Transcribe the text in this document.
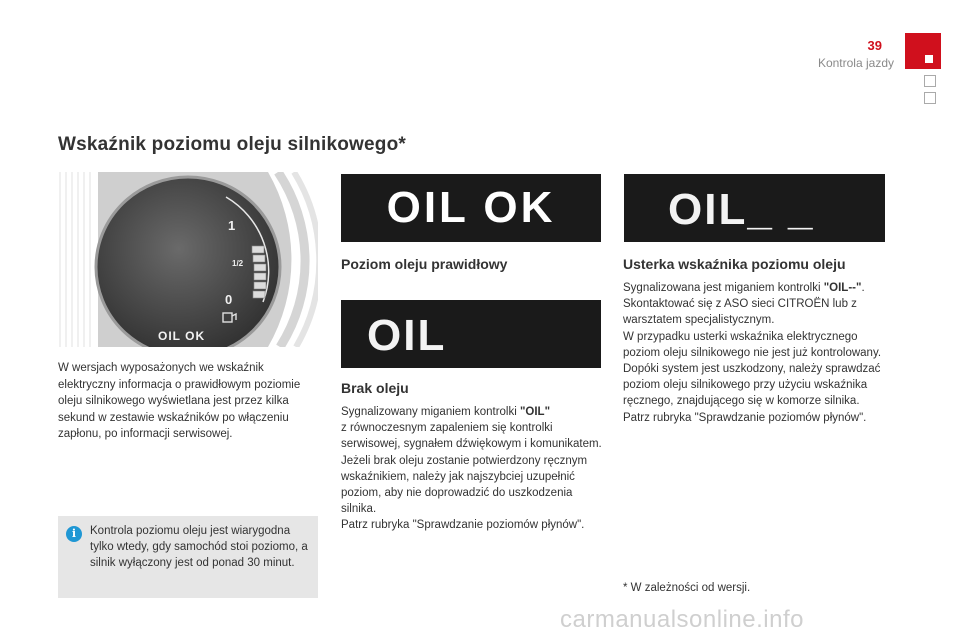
39
Kontrola jazdy
Wskaźnik poziomu oleju silnikowego*
1
1/2
0
OIL OK
W wersjach wyposażonych we wskaźnik elektryczny informacja o prawidłowym poziomie oleju silnikowego wyświetlana jest przez kilka sekund w zestawie wskaźników po włączeniu zapłonu, po informacji serwisowej.
i	Kontrola poziomu oleju jest wiarygodna tylko wtedy, gdy samochód stoi poziomo, a silnik wyłączony jest od ponad 30 minut.
OIL OK
Poziom oleju prawidłowy
OIL
Brak oleju
Sygnalizowany miganiem kontrolki "OIL"
z równoczesnym zapaleniem się kontrolki serwisowej, sygnałem dźwiękowym i komunikatem.
Jeżeli brak oleju zostanie potwierdzony ręcznym wskaźnikiem, należy jak najszybciej uzupełnić poziom, aby nie doprowadzić do uszkodzenia silnika.
Patrz rubryka "Sprawdzanie poziomów płynów".
OIL_ _
Usterka wskaźnika poziomu oleju
Sygnalizowana jest miganiem kontrolki "OIL--".
Skontaktować się z ASO sieci CITROËN lub z warsztatem specjalistycznym.
W przypadku usterki wskaźnika elektrycznego poziom oleju silnikowego nie jest już kontrolowany.
Dopóki system jest uszkodzony, należy sprawdzać poziom oleju silnikowego przy użyciu wskaźnika ręcznego, znajdującego się w komorze silnika.
Patrz rubryka "Sprawdzanie poziomów płynów".
* W zależności od wersji.
carmanualsonline.info
